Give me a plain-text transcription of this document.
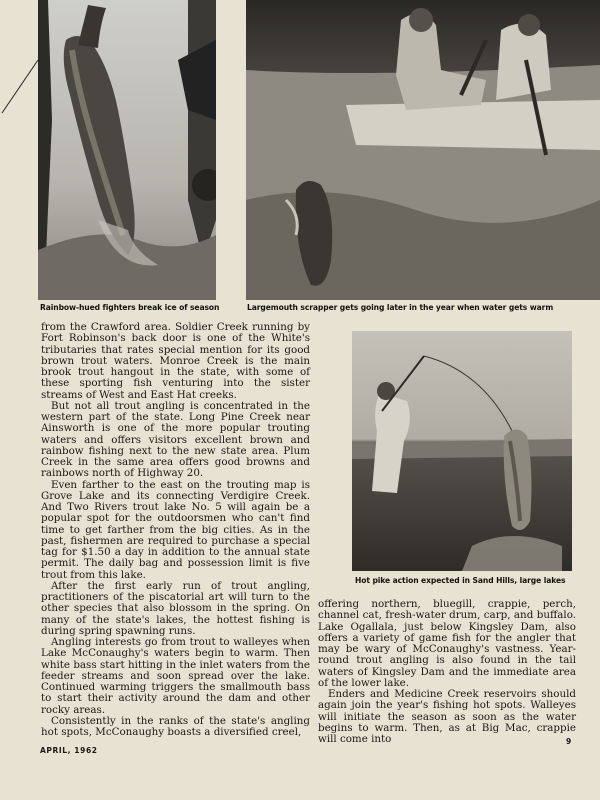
Rainbow-hued fighters break ice of season	Largemouth scrapper gets going later in the year when water gets warm

from the Crawford area. Soldier Creek running by Fort Robinson's back door is one of the White's tributaries that rates special mention for its good brown trout waters. Monroe Creek is the main brook trout hangout in the state, with some of these sporting fish venturing into the sister streams of West and East Hat creeks.

But not all trout angling is concentrated in the western part of the state. Long Pine Creek near Ainsworth is one of the more popular trouting waters and offers visitors excellent brown and rainbow fishing next to the new state area. Plum Creek in the same area offers good browns and rainbows north of Highway 20.

Even farther to the east on the trouting map is Grove Lake and its connecting Verdigire Creek. And Two Rivers trout lake No. 5 will again be a popular spot for the outdoorsmen who can't find time to get farther from the big cities. As in the past, fishermen are required to purchase a special tag for $1.50 a day in addition to the annual state permit. The daily bag and possession limit is five trout from this lake.

After the first early run of trout angling, practitioners of the piscatorial art will turn to the other species that also blossom in the spring. On many of the state's lakes, the hottest fishing is during spring spawning runs.

Angling interests go from trout to walleyes when Lake McConaughy's waters begin to warm. Then white bass start hitting in the inlet waters from the feeder streams and soon spread over the lake. Continued warming triggers the smallmouth bass to start their activity around the dam and other rocky areas.

Consistently in the ranks of the state's angling hot spots, McConaughy boasts a diversified creel,

Hot pike action expected in Sand Hills, large lakes

offering northern, bluegill, crappie, perch, channel cat, fresh-water drum, carp, and buffalo. Lake Ogallala, just below Kingsley Dam, also offers a variety of game fish for the angler that may be wary of McConaughy's vastness. Year-round trout angling is also found in the tail waters of Kingsley Dam and the immediate area of the lower lake.

Enders and Medicine Creek reservoirs should again join the year's fishing hot spots. Walleyes will initiate the season as soon as the water begins to warm. Then, as at Big Mac, crappie will come into

APRIL, 1962
9
